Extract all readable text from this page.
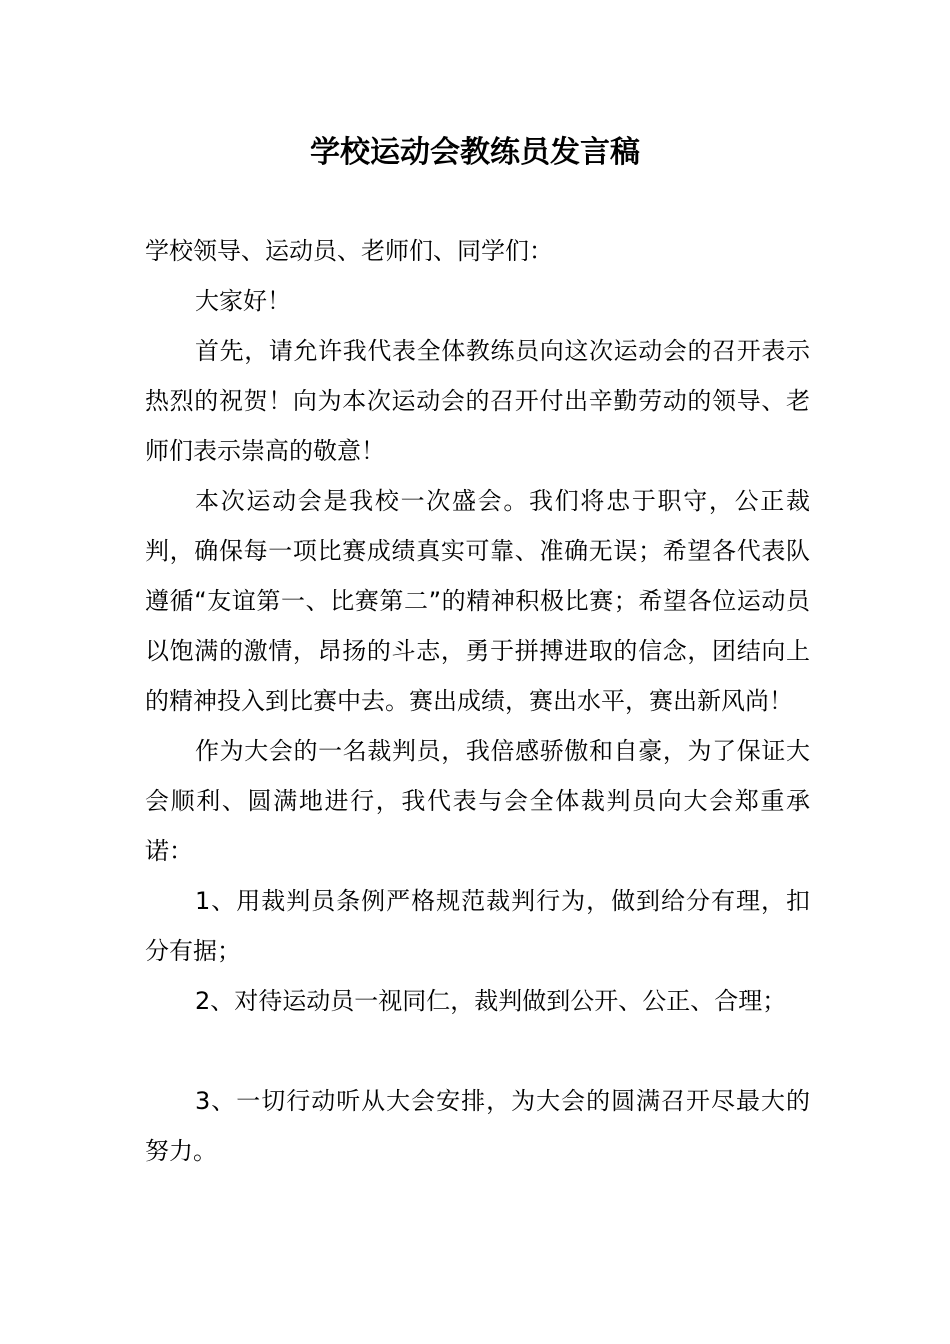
学校运动会教练员发言稿

学校领导、运动员、老师们、同学们：

大家好！

首先，请允许我代表全体教练员向这次运动会的召开表示热烈的祝贺！向为本次运动会的召开付出辛勤劳动的领导、老师们表示崇高的敬意！

本次运动会是我校一次盛会。我们将忠于职守，公正裁判，确保每一项比赛成绩真实可靠、准确无误；希望各代表队遵循“友谊第一、比赛第二”的精神积极比赛；希望各位运动员以饱满的激情，昂扬的斗志，勇于拼搏进取的信念，团结向上的精神投入到比赛中去。赛出成绩，赛出水平，赛出新风尚！

作为大会的一名裁判员，我倍感骄傲和自豪，为了保证大会顺利、圆满地进行，我代表与会全体裁判员向大会郑重承诺：

1、用裁判员条例严格规范裁判行为，做到给分有理，扣分有据；

2、对待运动员一视同仁，裁判做到公开、公正、合理；

3、一切行动听从大会安排，为大会的圆满召开尽最大的努力。
